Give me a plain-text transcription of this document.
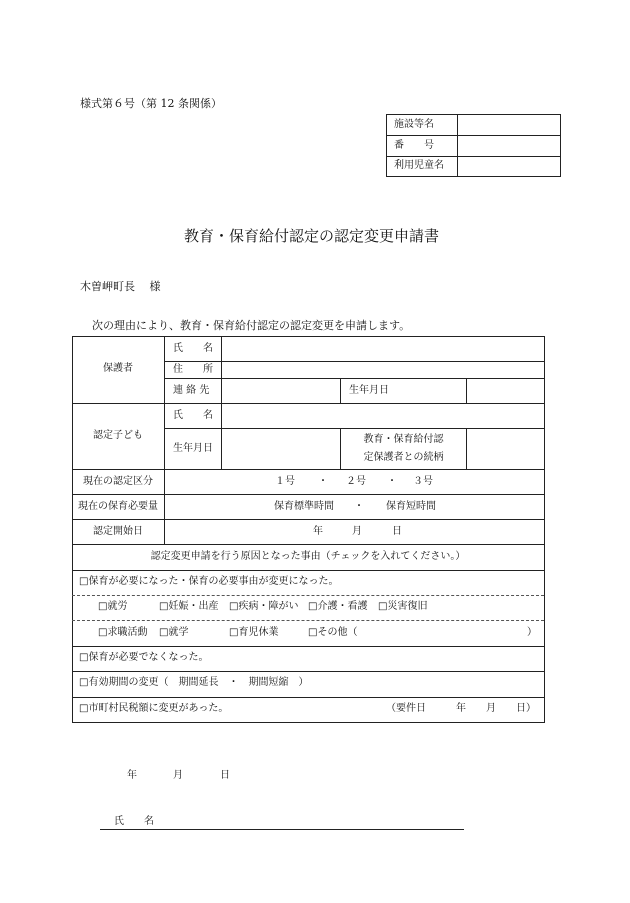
様式第６号（第 12 条関係）
施設等名
番　　号
利用児童名
教育・保育給付認定の認定変更申請書
木曽岬町長　 様
次の理由により、教育・保育給付認定の認定変更を申請します。
保護者
氏　　名
住　　所
連 絡 先	生年月日
認定子ども
氏　　名
生年月日
教育・保育給付認
定保護者との続柄
現在の認定区分	１号 ・ ２号 ・ ３号
現在の保育必要量	保育標準時間 ・ 保育短時間
認定開始日	年	月	日
認定変更申請を行う原因となった事由（チェックを入れてください。）
□保育が必要になった・保育の必要事由が変更になった。
□就労	□妊娠・出産 □疾病・障がい □介護・看護 □災害復旧
□求職活動 □就学	□育児休業	□その他（	）
□保育が必要でなくなった。
□有効期間の変更（　期間延長　・　期間短縮　）
□市町村民税額に変更があった。	（要件日　　　年　　月　　日）
年	月	日
氏　　名
